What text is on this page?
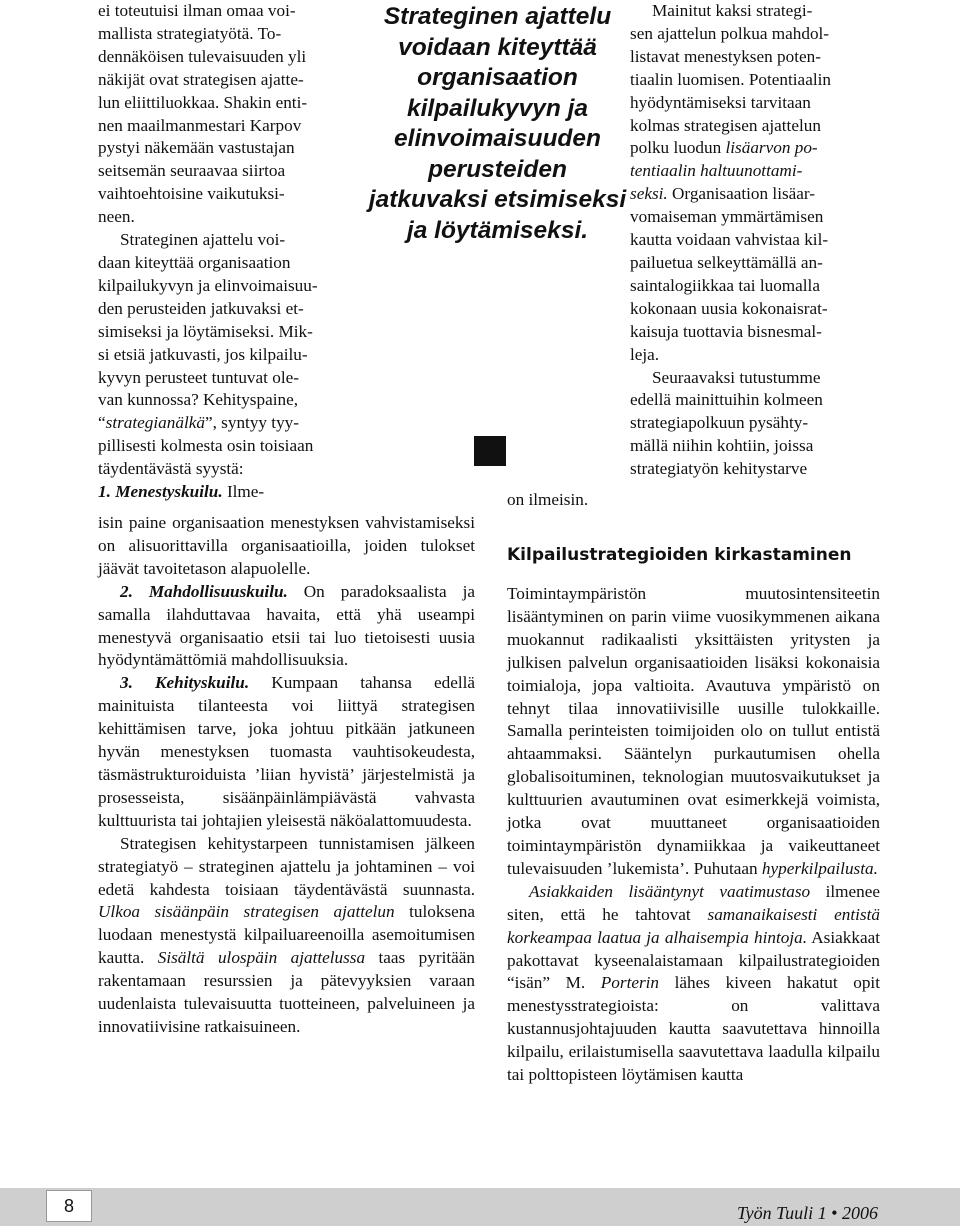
ei toteutuisi ilman omaa voi-
mallista strategiatyötä. To-
dennäköisen tulevaisuuden yli
näkijät ovat strategisen ajatte-
lun eliittiluokkaa. Shakin enti-
nen maailmanmestari Karpov
pystyi näkemään vastustajan
seitsemän seuraavaa siirtoa
vaihtoehtoisine vaikutuksi-
neen.
Strateginen ajattelu voi-
daan kiteyttää organisaation
kilpailukyvyn ja elinvoimaisuu-
den perusteiden jatkuvaksi et-
simiseksi ja löytämiseksi. Mik-
si etsiä jatkuvasti, jos kilpailu-
kyvyn perusteet tuntuvat ole-
van kunnossa? Kehityspaine,
“strategianälkä”, syntyy tyy-
pillisesti kolmesta osin toisiaan
täydentävästä syystä:
1. Menestyskuilu. Ilme-

isin paine organisaation menestyksen vahvistamiseksi on alisuorittavilla organisaatioilla, joiden tulokset jäävät tavoitetason alapuolelle.

2. Mahdollisuuskuilu. On paradoksaalista ja samalla ilahduttavaa havaita, että yhä useampi menestyvä organisaatio etsii tai luo tietoisesti uusia hyödyntämättömiä mahdollisuuksia.

3. Kehityskuilu. Kumpaan tahansa edellä mainituista tilanteesta voi liittyä strategisen kehittämisen tarve, joka johtuu pitkään jatkuneen hyvän menestyksen tuomasta vauhtisokeudesta, täsmästrukturoiduista ’liian hyvistä’ järjestelmistä ja prosesseista, sisäänpäinlämpiävästä vahvasta kulttuurista tai johtajien yleisestä näköalattomuudesta.

Strategisen kehitystarpeen tunnistamisen jälkeen strategiatyö – strateginen ajattelu ja johtaminen – voi edetä kahdesta toisiaan täydentävästä suunnasta. Ulkoa sisäänpäin strategisen ajattelun tuloksena luodaan menestystä kilpailuareenoilla asemoitumisen kautta. Sisältä ulospäin ajattelussa taas pyritään rakentamaan resurssien ja pätevyyksien varaan uudenlaista tulevaisuutta tuotteineen, palveluineen ja innovatiivisine ratkaisuineen.

Strateginen ajattelu
voidaan kiteyttää
organisaation
kilpailukyvyn ja
elinvoimaisuuden
perusteiden
jatkuvaksi etsimiseksi
ja löytämiseksi.
on ilmeisin.
Mainitut kaksi strategi-
sen ajattelun polkua mahdol-
listavat menestyksen poten-
tiaalin luomisen. Potentiaalin
hyödyntämiseksi tarvitaan
kolmas strategisen ajattelun
polku luodun lisäarvon po-
tentiaalin haltuunottami-
seksi. Organisaation lisäar-
vomaiseman ymmärtämisen
kautta voidaan vahvistaa kil-
pailuetua selkeyttämällä an-
saintalogiikkaa tai luomalla
kokonaan uusia kokonaisrat-
kaisuja tuottavia bisnesmal-
leja.
Seuraavaksi tutustumme
edellä mainittuihin kolmeen
strategiapolkuun pysähty-
mällä niihin kohtiin, joissa
strategiatyön kehitystarve
Kilpailustrategioiden kirkastaminen

Toimintaympäristön muutosintensiteetin lisääntyminen on parin viime vuosikymmenen aikana muokannut radikaalisti yksittäisten yritysten ja julkisen palvelun organisaatioiden lisäksi kokonaisia toimialoja, jopa valtioita. Avautuva ympäristö on tehnyt tilaa innovatiivisille uusille tulokkaille. Samalla perinteisten toimijoiden olo on tullut entistä ahtaammaksi. Sääntelyn purkautumisen ohella globalisoituminen, teknologian muutosvaikutukset ja kulttuurien avautuminen ovat esimerkkejä voimista, jotka ovat muuttaneet organisaatioiden toimintaympäristön dynamiikkaa ja vaikeuttaneet tulevaisuuden ’lukemista’. Puhutaan hyperkilpailusta.

Asiakkaiden lisääntynyt vaatimustaso ilmenee siten, että he tahtovat samanaikaisesti entistä korkeampaa laatua ja alhaisempia hintoja. Asiakkaat pakottavat kyseenalaistamaan kilpailustrategioiden “isän” M. Porterin lähes kiveen hakatut opit menestysstrategioista: on valittava kustannusjohtajuuden kautta saavutettava hinnoilla kilpailu, erilaistumisella saavutettava laadulla kilpailu tai polttopisteen löytämisen kautta

8	Työn Tuuli 1 • 2006
